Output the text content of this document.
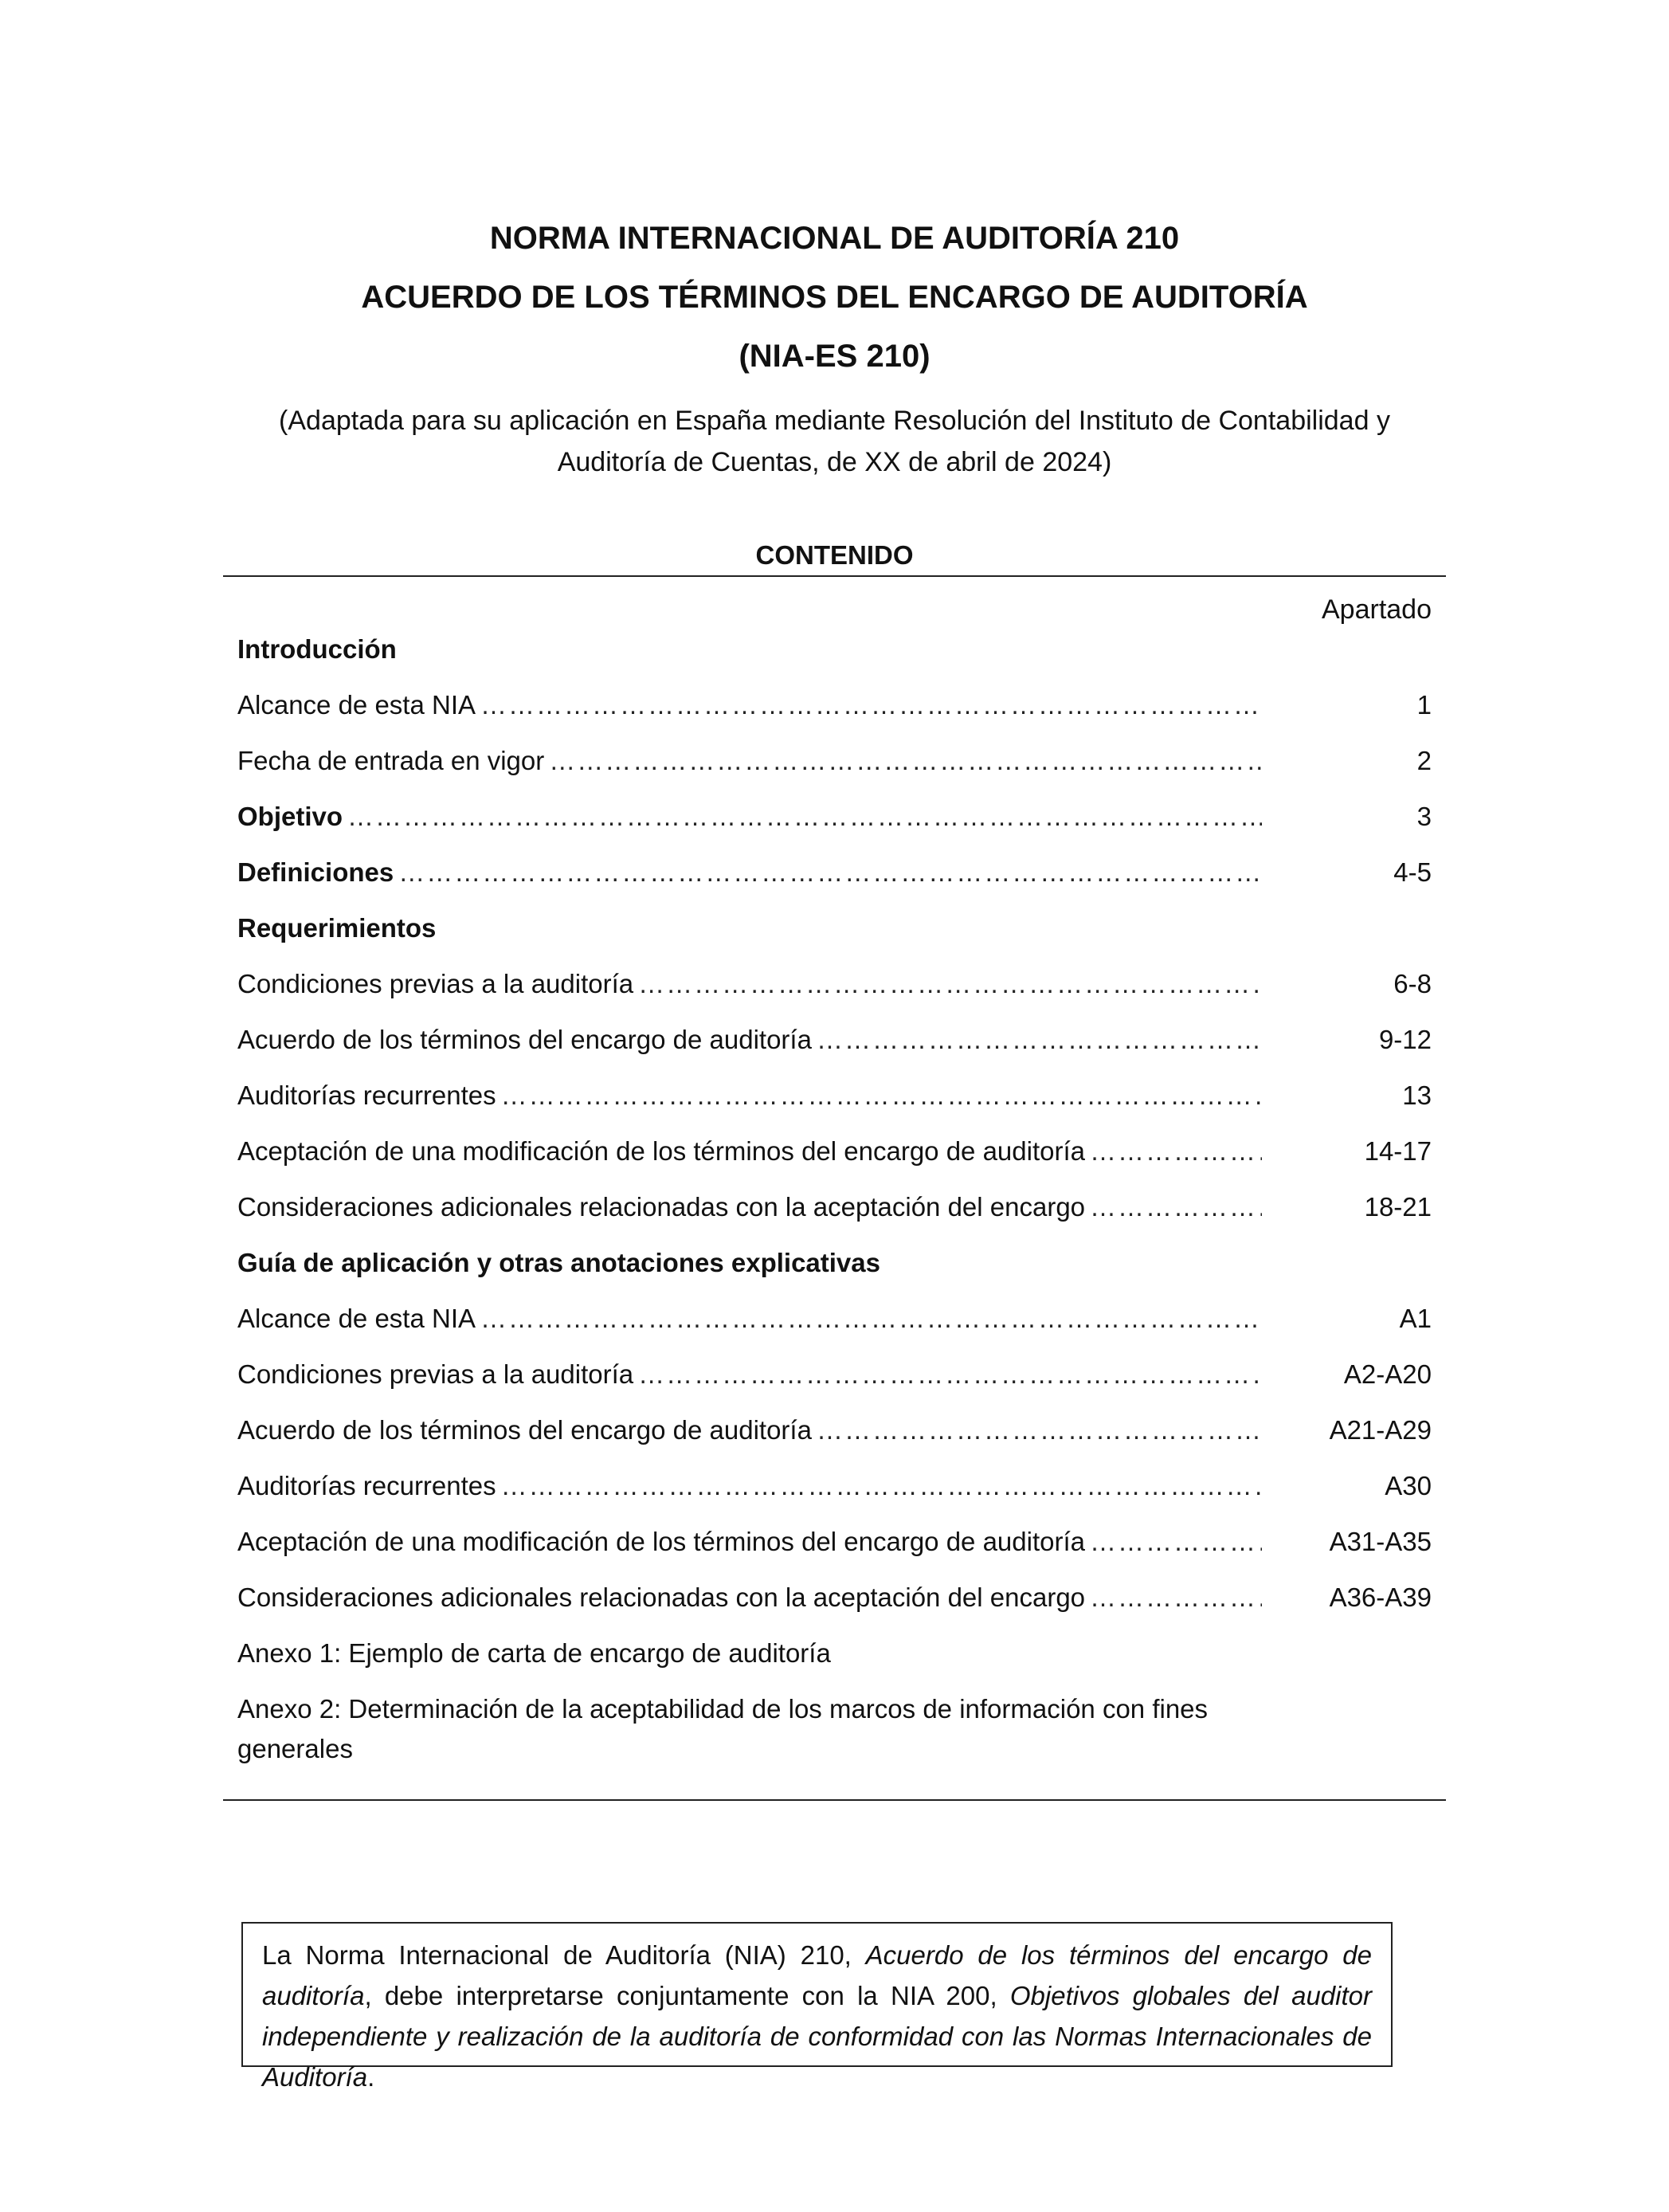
NORMA INTERNACIONAL DE AUDITORÍA 210
ACUERDO DE LOS TÉRMINOS DEL ENCARGO DE AUDITORÍA
(NIA-ES 210)
(Adaptada para su aplicación en España mediante Resolución del Instituto de Contabilidad y
Auditoría de Cuentas, de XX de abril de 2024)
CONTENIDO
Apartado
Introducción
Alcance de esta NIA ………………………………………………………………………………………………………………………………………………………………………………………………………………………………………………………………	1
Fecha de entrada en vigor ………………………………………………………………………………………………………………………………………………………………………………………………………………………………………………………………	2
Objetivo ………………………………………………………………………………………………………………………………………………………………………………………………………………………………………………………………	3
Definiciones ………………………………………………………………………………………………………………………………………………………………………………………………………………………………………………………………	4-5
Requerimientos
Condiciones previas a la auditoría ………………………………………………………………………………………………………………………………………………………………………………………………………………………………………………………………	6-8
Acuerdo de los términos del encargo de auditoría ………………………………………………………………………………………………………………………………………………………………………………………………………………………………………………………………	9-12
Auditorías recurrentes ………………………………………………………………………………………………………………………………………………………………………………………………………………………………………………………………	13
Aceptación de una modificación de los términos del encargo de auditoría ………………………………………………………………………………………………………………………………………………………………………………………………………………………………………………………………	14-17
Consideraciones adicionales relacionadas con la aceptación del encargo ………………………………………………………………………………………………………………………………………………………………………………………………………………………………………………………………	18-21
Guía de aplicación y otras anotaciones explicativas
Alcance de esta NIA ………………………………………………………………………………………………………………………………………………………………………………………………………………………………………………………………	A1
Condiciones previas a la auditoría ………………………………………………………………………………………………………………………………………………………………………………………………………………………………………………………………	A2-A20
Acuerdo de los términos del encargo de auditoría ………………………………………………………………………………………………………………………………………………………………………………………………………………………………………………………………	A21-A29
Auditorías recurrentes ………………………………………………………………………………………………………………………………………………………………………………………………………………………………………………………………	A30
Aceptación de una modificación de los términos del encargo de auditoría ………………………………………………………………………………………………………………………………………………………………………………………………………………………………………………………………	A31-A35
Consideraciones adicionales relacionadas con la aceptación del encargo ………………………………………………………………………………………………………………………………………………………………………………………………………………………………………………………………	A36-A39
Anexo 1: Ejemplo de carta de encargo de auditoría
Anexo 2: Determinación de la aceptabilidad de los marcos de información con fines generales
La Norma Internacional de Auditoría (NIA) 210, Acuerdo de los términos del encargo de auditoría, debe interpretarse conjuntamente con la NIA 200, Objetivos globales del auditor independiente y realización de la auditoría de conformidad con las Normas Internacionales de Auditoría.
